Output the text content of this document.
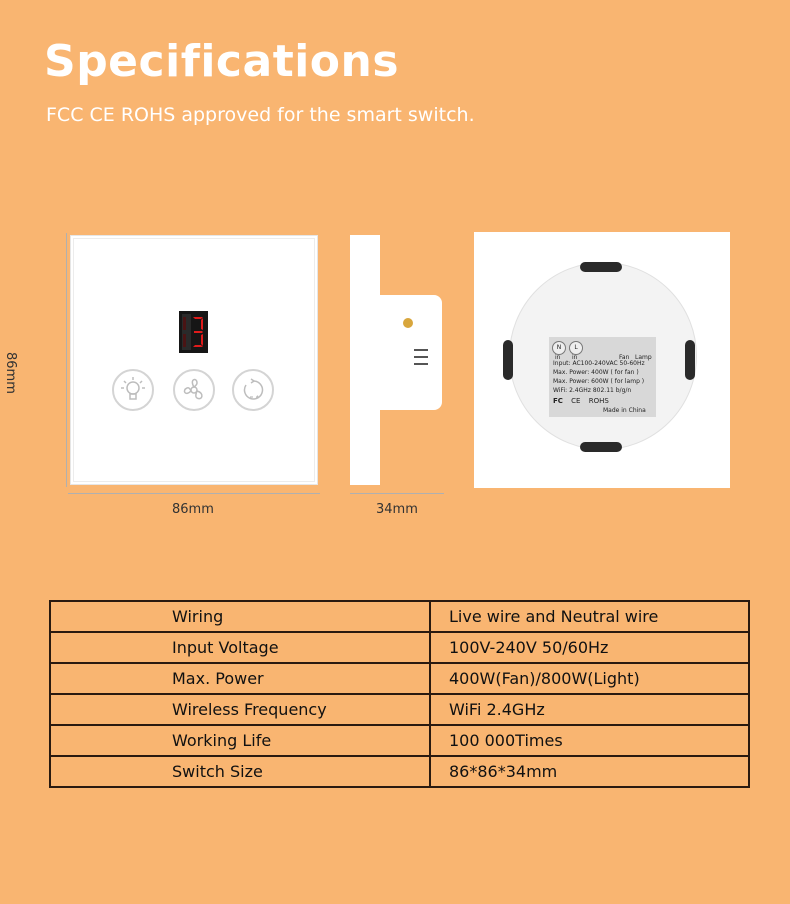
Specifications
FCC CE ROHS approved for the smart switch.
86mm
86mm	34mm
N	L
in in	Fan Lamp
Input: AC100-240VAC 50-60Hz
Max. Power: 400W ( for fan )
Max. Power: 600W ( for lamp )
WiFi: 2.4GHz 802.11 b/g/n
FC CE ROHS
Made in China
Wiring	Live wire and Neutral wire
Input Voltage	100V-240V 50/60Hz
Max. Power	400W(Fan)/800W(Light)
Wireless Frequency	WiFi 2.4GHz
Working Life	100 000Times
Switch Size	86*86*34mm
